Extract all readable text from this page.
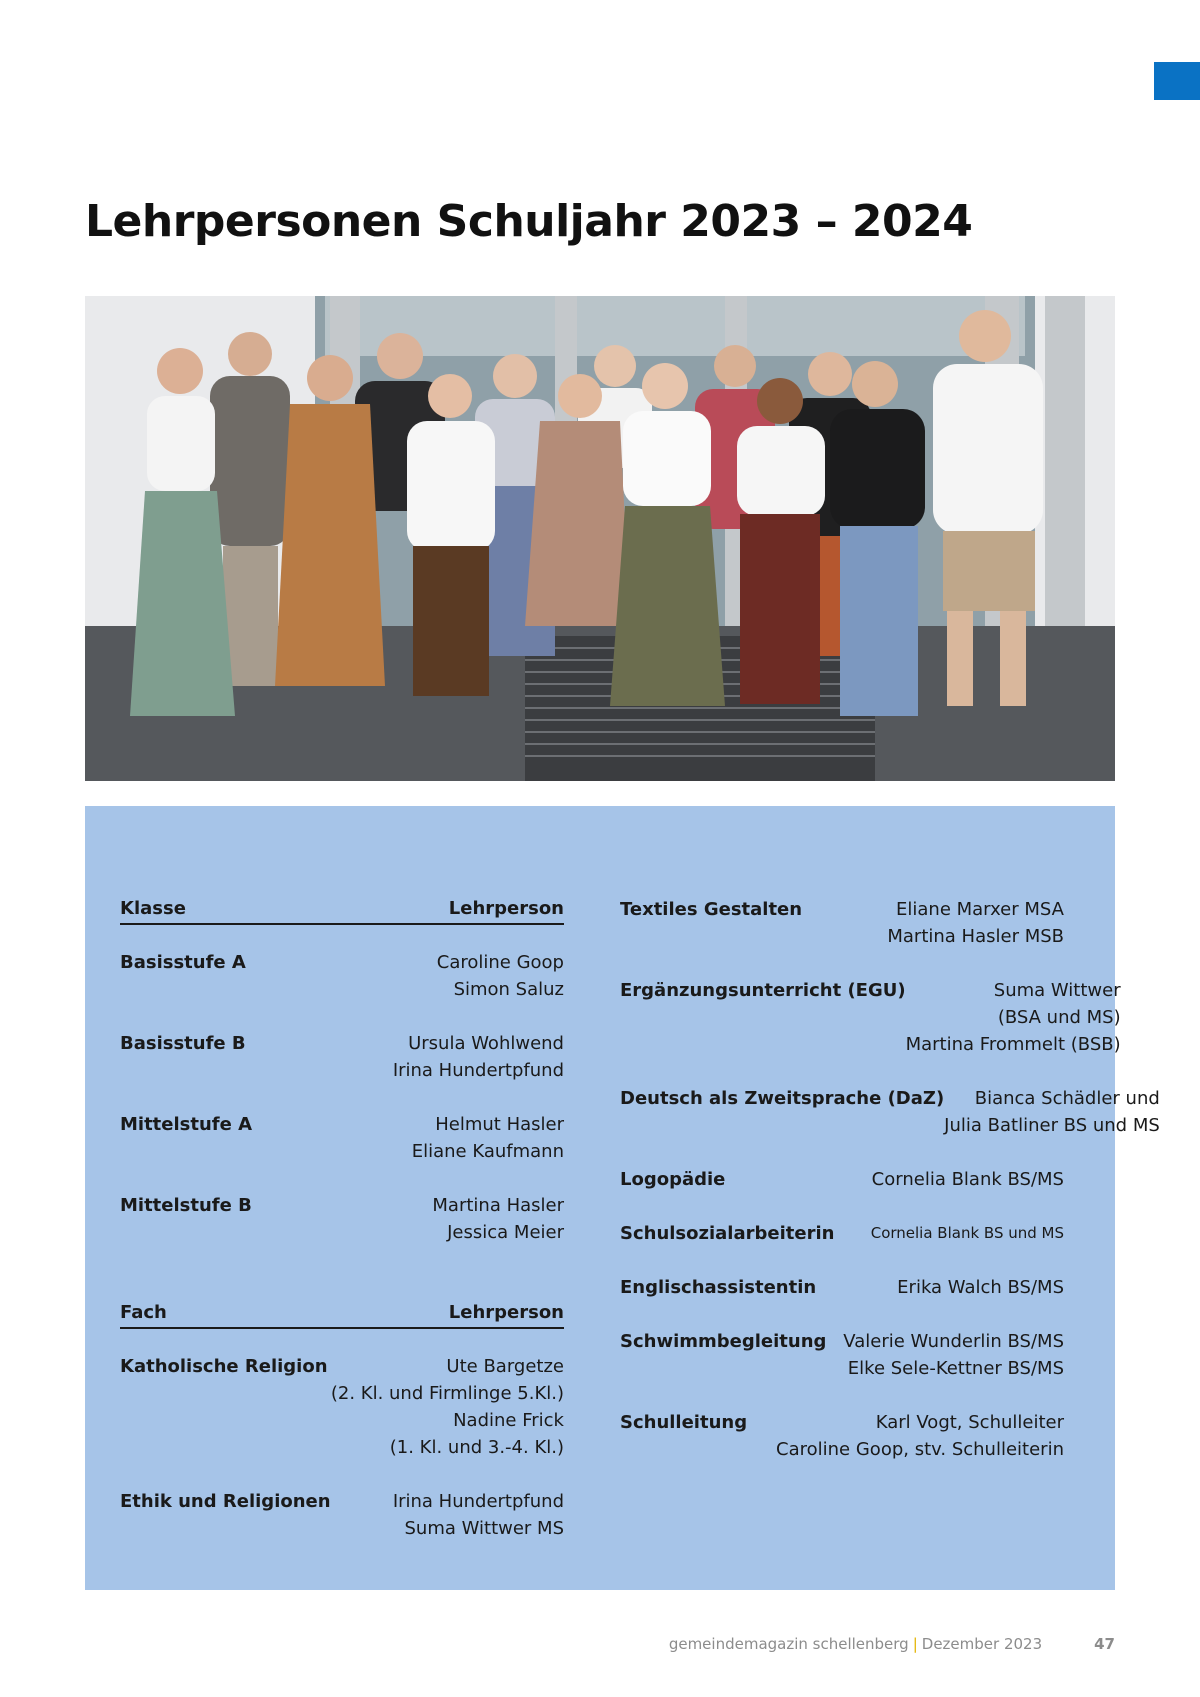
Lehrpersonen Schuljahr 2023 – 2024
Klasse	Lehrperson
Basisstufe A	Caroline Goop
Simon Saluz
Basisstufe B	Ursula Wohlwend
Irina Hundertpfund
Mittelstufe A	Helmut Hasler
Eliane Kaufmann
Mittelstufe B	Martina Hasler
Jessica Meier
Fach	Lehrperson
Katholische Religion	Ute Bargetze
(2. Kl. und Firmlinge 5.Kl.)
Nadine Frick
(1. Kl. und 3.-4. Kl.)
Ethik und Religionen	Irina Hundertpfund
Suma Wittwer MS
Textiles Gestalten	Eliane Marxer MSA
Martina Hasler MSB
Ergänzungsunterricht (EGU)	Suma Wittwer
(BSA und MS)
Martina Frommelt (BSB)
Deutsch als Zweitsprache (DaZ)	Bianca Schädler und
Julia Batliner BS und MS
Logopädie	Cornelia Blank BS/MS
Schulsozialarbeiterin Cornelia Blank BS und MS
Englischassistentin	Erika Walch BS/MS
Schwimmbegleitung Valerie Wunderlin BS/MS
Elke Sele-Kettner BS/MS
Schulleitung	Karl Vogt, Schulleiter
Caroline Goop, stv. Schulleiterin
gemeindemagazin schellenberg | Dezember 2023	47
